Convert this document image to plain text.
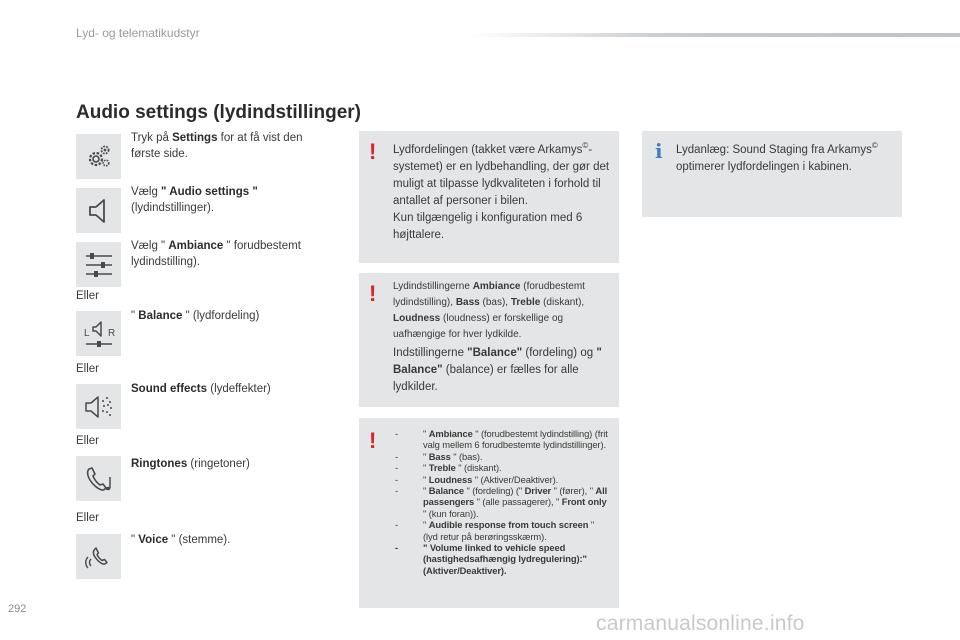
Lyd- og telematikudstyr
Audio settings (lydindstillinger)
Tryk på Settings for at få vist den første side.
Vælg " Audio settings " (lydindstillinger).
Vælg " Ambiance " forudbestemt lydindstilling).
Eller
L R
" Balance " (lydfordeling)
Eller
Sound effects (lydeffekter)
Eller
Ringtones (ringetoner)
Eller
" Voice " (stemme).
! Lydfordelingen (takket være Arkamys©- systemet) er en lydbehandling, der gør det muligt at tilpasse lydkvaliteten i forhold til antallet af personer i bilen.
Kun tilgængelig i konfiguration med 6 højttalere.
! Lydindstillingerne Ambiance (forudbestemt lydindstilling), Bass (bas), Treble (diskant), Loudness (loudness) er forskellige og uafhængige for hver lydkilde.
Indstillingerne "Balance" (fordeling) og " Balance" (balance) er fælles for alle lydkilder.
! -	" Ambiance " (forudbestemt lydindstilling) (frit valg mellem 6 forudbestemte lydindstillinger).
-	" Bass " (bas).
-	" Treble " (diskant).
-	" Loudness " (Aktiver/Deaktiver).
-	" Balance " (fordeling) (" Driver " (fører), " All passengers " (alle passagerer), " Front only " (kun foran)).
-	" Audible response from touch screen " (lyd retur på berøringsskærm).
-	" Volume linked to vehicle speed (hastighedsafhængig lydregulering):" (Aktiver/Deaktiver).
i Lydanlæg: Sound Staging fra Arkamys© optimerer lydfordelingen i kabinen.
292
carmanualsonline.info
